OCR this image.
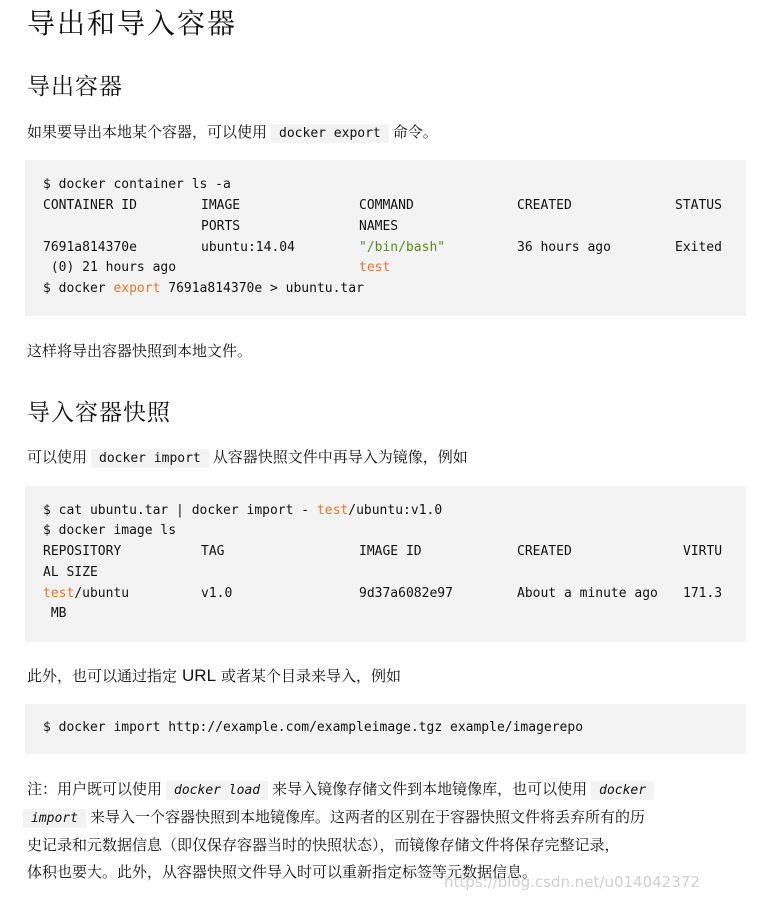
导出和导入容器
导出容器
如果要导出本地某个容器，可以使用 docker export 命令。
$ docker container ls -a
CONTAINER ID	IMAGE	COMMAND	CREATED	STATUS
PORTS	NAMES
7691a814370e	ubuntu:14.04	"/bin/bash"	36 hours ago	Exited
(0) 21 hours ago	test
$ docker export 7691a814370e > ubuntu.tar
这样将导出容器快照到本地文件。
导入容器快照
可以使用 docker import 从容器快照文件中再导入为镜像，例如
$ cat ubuntu.tar | docker import - test/ubuntu:v1.0
$ docker image ls
REPOSITORY	TAG	IMAGE ID	CREATED	VIRTU
AL SIZE
test/ubuntu	v1.0	9d37a6082e97	About a minute ago 171.3
MB
此外，也可以通过指定 URL 或者某个目录来导入，例如
$ docker import http://example.com/exampleimage.tgz example/imagerepo
注：用户既可以使用 docker load 来导入镜像存储文件到本地镜像库，也可以使用 docker
import 来导入一个容器快照到本地镜像库。这两者的区别在于容器快照文件将丢弃所有的历
史记录和元数据信息（即仅保存容器当时的快照状态），而镜像存储文件将保存完整记录，
体积也要大。此外，从容器快照文件导入时可以重新指定标签等元数据信息。
https://blog.csdn.net/u014042372
